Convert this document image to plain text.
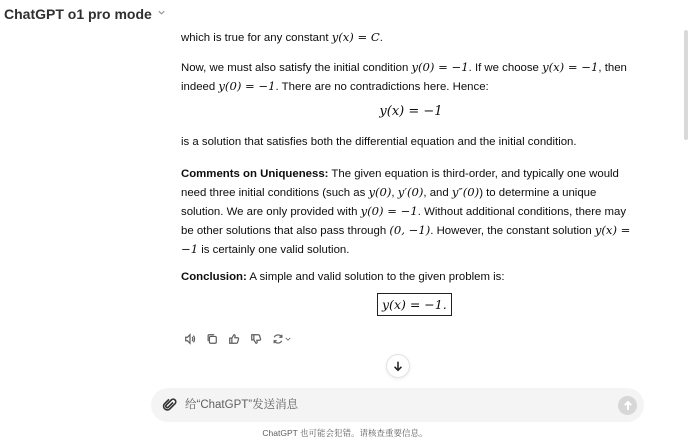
ChatGPT o1 pro mode

which is true for any constant y(x) = C.

Now, we must also satisfy the initial condition y(0) = −1. If we choose y(x) = −1, then indeed y(0) = −1. There are no contradictions here. Hence:

y(x) = −1

is a solution that satisfies both the differential equation and the initial condition.

Comments on Uniqueness: The given equation is third-order, and typically one would need three initial conditions (such as y(0), y′(0), and y″(0)) to determine a unique solution. We are only provided with y(0) = −1. Without additional conditions, there may be other solutions that also pass through (0, −1). However, the constant solution y(x) = −1 is certainly one valid solution.

Conclusion: A simple and valid solution to the given problem is:

y(x) = −1.
给“ChatGPT”发送消息
ChatGPT 也可能会犯错。请核查重要信息。
